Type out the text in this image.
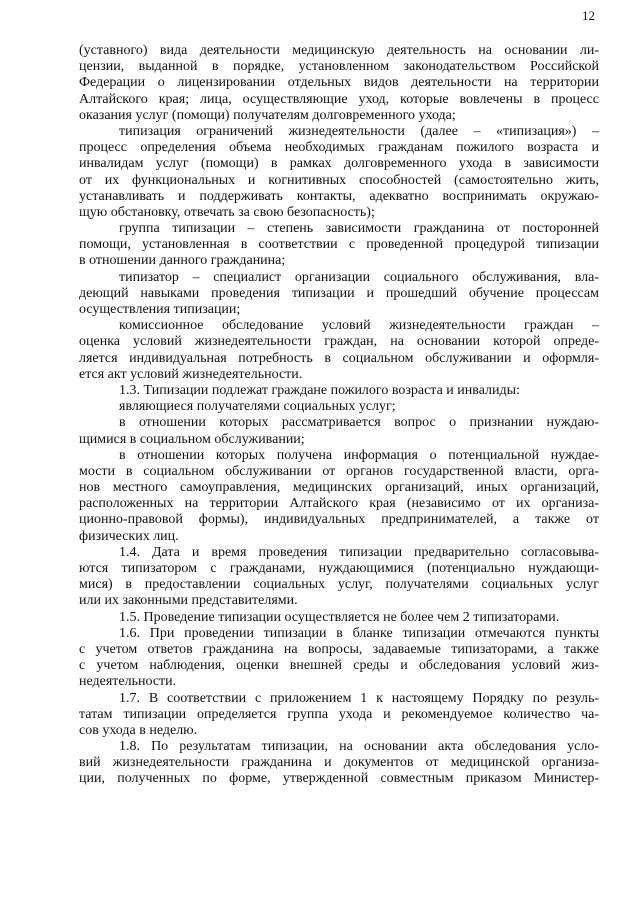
12
(уставного) вида деятельности медицинскую деятельность на основании ли-
цензии, выданной в порядке, установленном законодательством Российской
Федерации о лицензировании отдельных видов деятельности на территории
Алтайского края; лица, осуществляющие уход, которые вовлечены в процесс
оказания услуг (помощи) получателям долговременного ухода;
типизация ограничений жизнедеятельности (далее – «типизация») –
процесс определения объема необходимых гражданам пожилого возраста и
инвалидам услуг (помощи) в рамках долговременного ухода в зависимости
от их функциональных и когнитивных способностей (самостоятельно жить,
устанавливать и поддерживать контакты, адекватно воспринимать окружаю-
щую обстановку, отвечать за свою безопасность);
группа типизации – степень зависимости гражданина от посторонней
помощи, установленная в соответствии с проведенной процедурой типизации
в отношении данного гражданина;
типизатор – специалист организации социального обслуживания, вла-
деющий навыками проведения типизации и прошедший обучение процессам
осуществления типизации;
комиссионное обследование условий жизнедеятельности граждан –
оценка условий жизнедеятельности граждан, на основании которой опреде-
ляется индивидуальная потребность в социальном обслуживании и оформля-
ется акт условий жизнедеятельности.
1.3. Типизации подлежат граждане пожилого возраста и инвалиды:
являющиеся получателями социальных услуг;
в отношении которых рассматривается вопрос о признании нуждаю-
щимися в социальном обслуживании;
в отношении которых получена информация о потенциальной нуждае-
мости в социальном обслуживании от органов государственной власти, орга-
нов местного самоуправления, медицинских организаций, иных организаций,
расположенных на территории Алтайского края (независимо от их организа-
ционно-правовой формы), индивидуальных предпринимателей, а также от
физических лиц.
1.4. Дата и время проведения типизации предварительно согласовыва-
ются типизатором с гражданами, нуждающимися (потенциально нуждающи-
мися) в предоставлении социальных услуг, получателями социальных услуг
или их законными представителями.
1.5. Проведение типизации осуществляется не более чем 2 типизаторами.
1.6. При проведении типизации в бланке типизации отмечаются пункты
с учетом ответов гражданина на вопросы, задаваемые типизаторами, а также
с учетом наблюдения, оценки внешней среды и обследования условий жиз-
недеятельности.
1.7. В соответствии с приложением 1 к настоящему Порядку по резуль-
татам типизации определяется группа ухода и рекомендуемое количество ча-
сов ухода в неделю.
1.8. По результатам типизации, на основании акта обследования усло-
вий жизнедеятельности гражданина и документов от медицинской организа-
ции, полученных по форме, утвержденной совместным приказом Министер-
